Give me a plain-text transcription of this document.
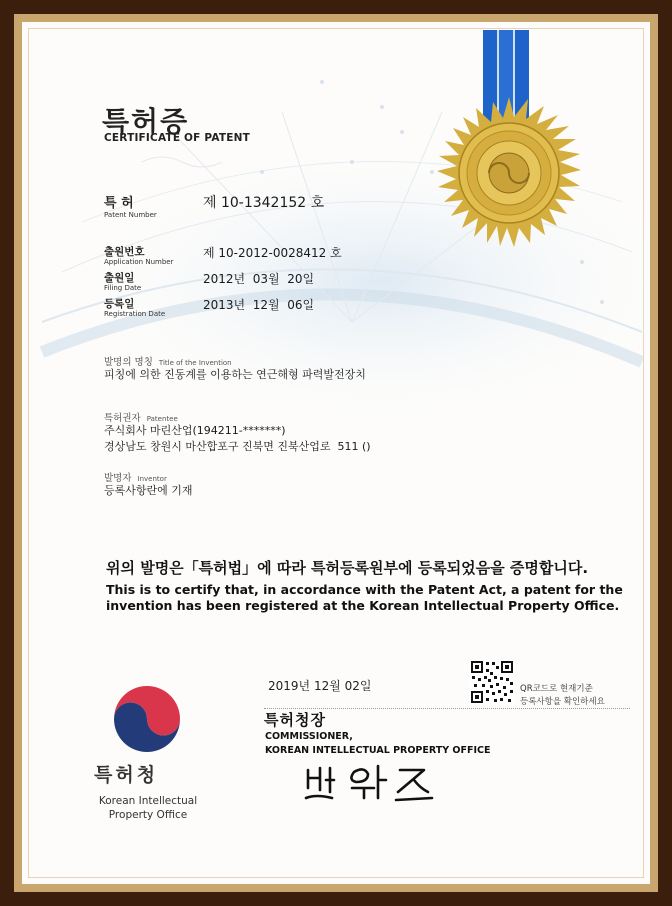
특허증
CERTIFICATE OF PATENT
특 허
Patent Number
제 10-1342152 호
출원번호
Application Number
제 10-2012-0028412 호
출원일
Filing Date
2012년  03월  20일
등록일
Registration Date
2013년  12월  06일
발명의 명칭 Title of the Invention
피칭에 의한 진동계를 이용하는 연근해형 파력발전장치
특허권자 Patentee
주식회사 마린산업(194211-*******)
경상남도 창원시 마산합포구 진북면 진북산업로  511 ()
발명자 Inventor
등록사항란에 기재
위의 발명은「특허법」에 따라 특허등록원부에 등록되었음을 증명합니다.
This is to certify that, in accordance with the Patent Act, a patent for the invention has been registered at the Korean Intellectual Property Office.
2019년 12월 02일	QR코드로 현재기준
등록사항을 확인하세요
특허청장
COMMISSIONER,
KOREAN INTELLECTUAL PROPERTY OFFICE
특허청
Korean Intellectual
Property Office
